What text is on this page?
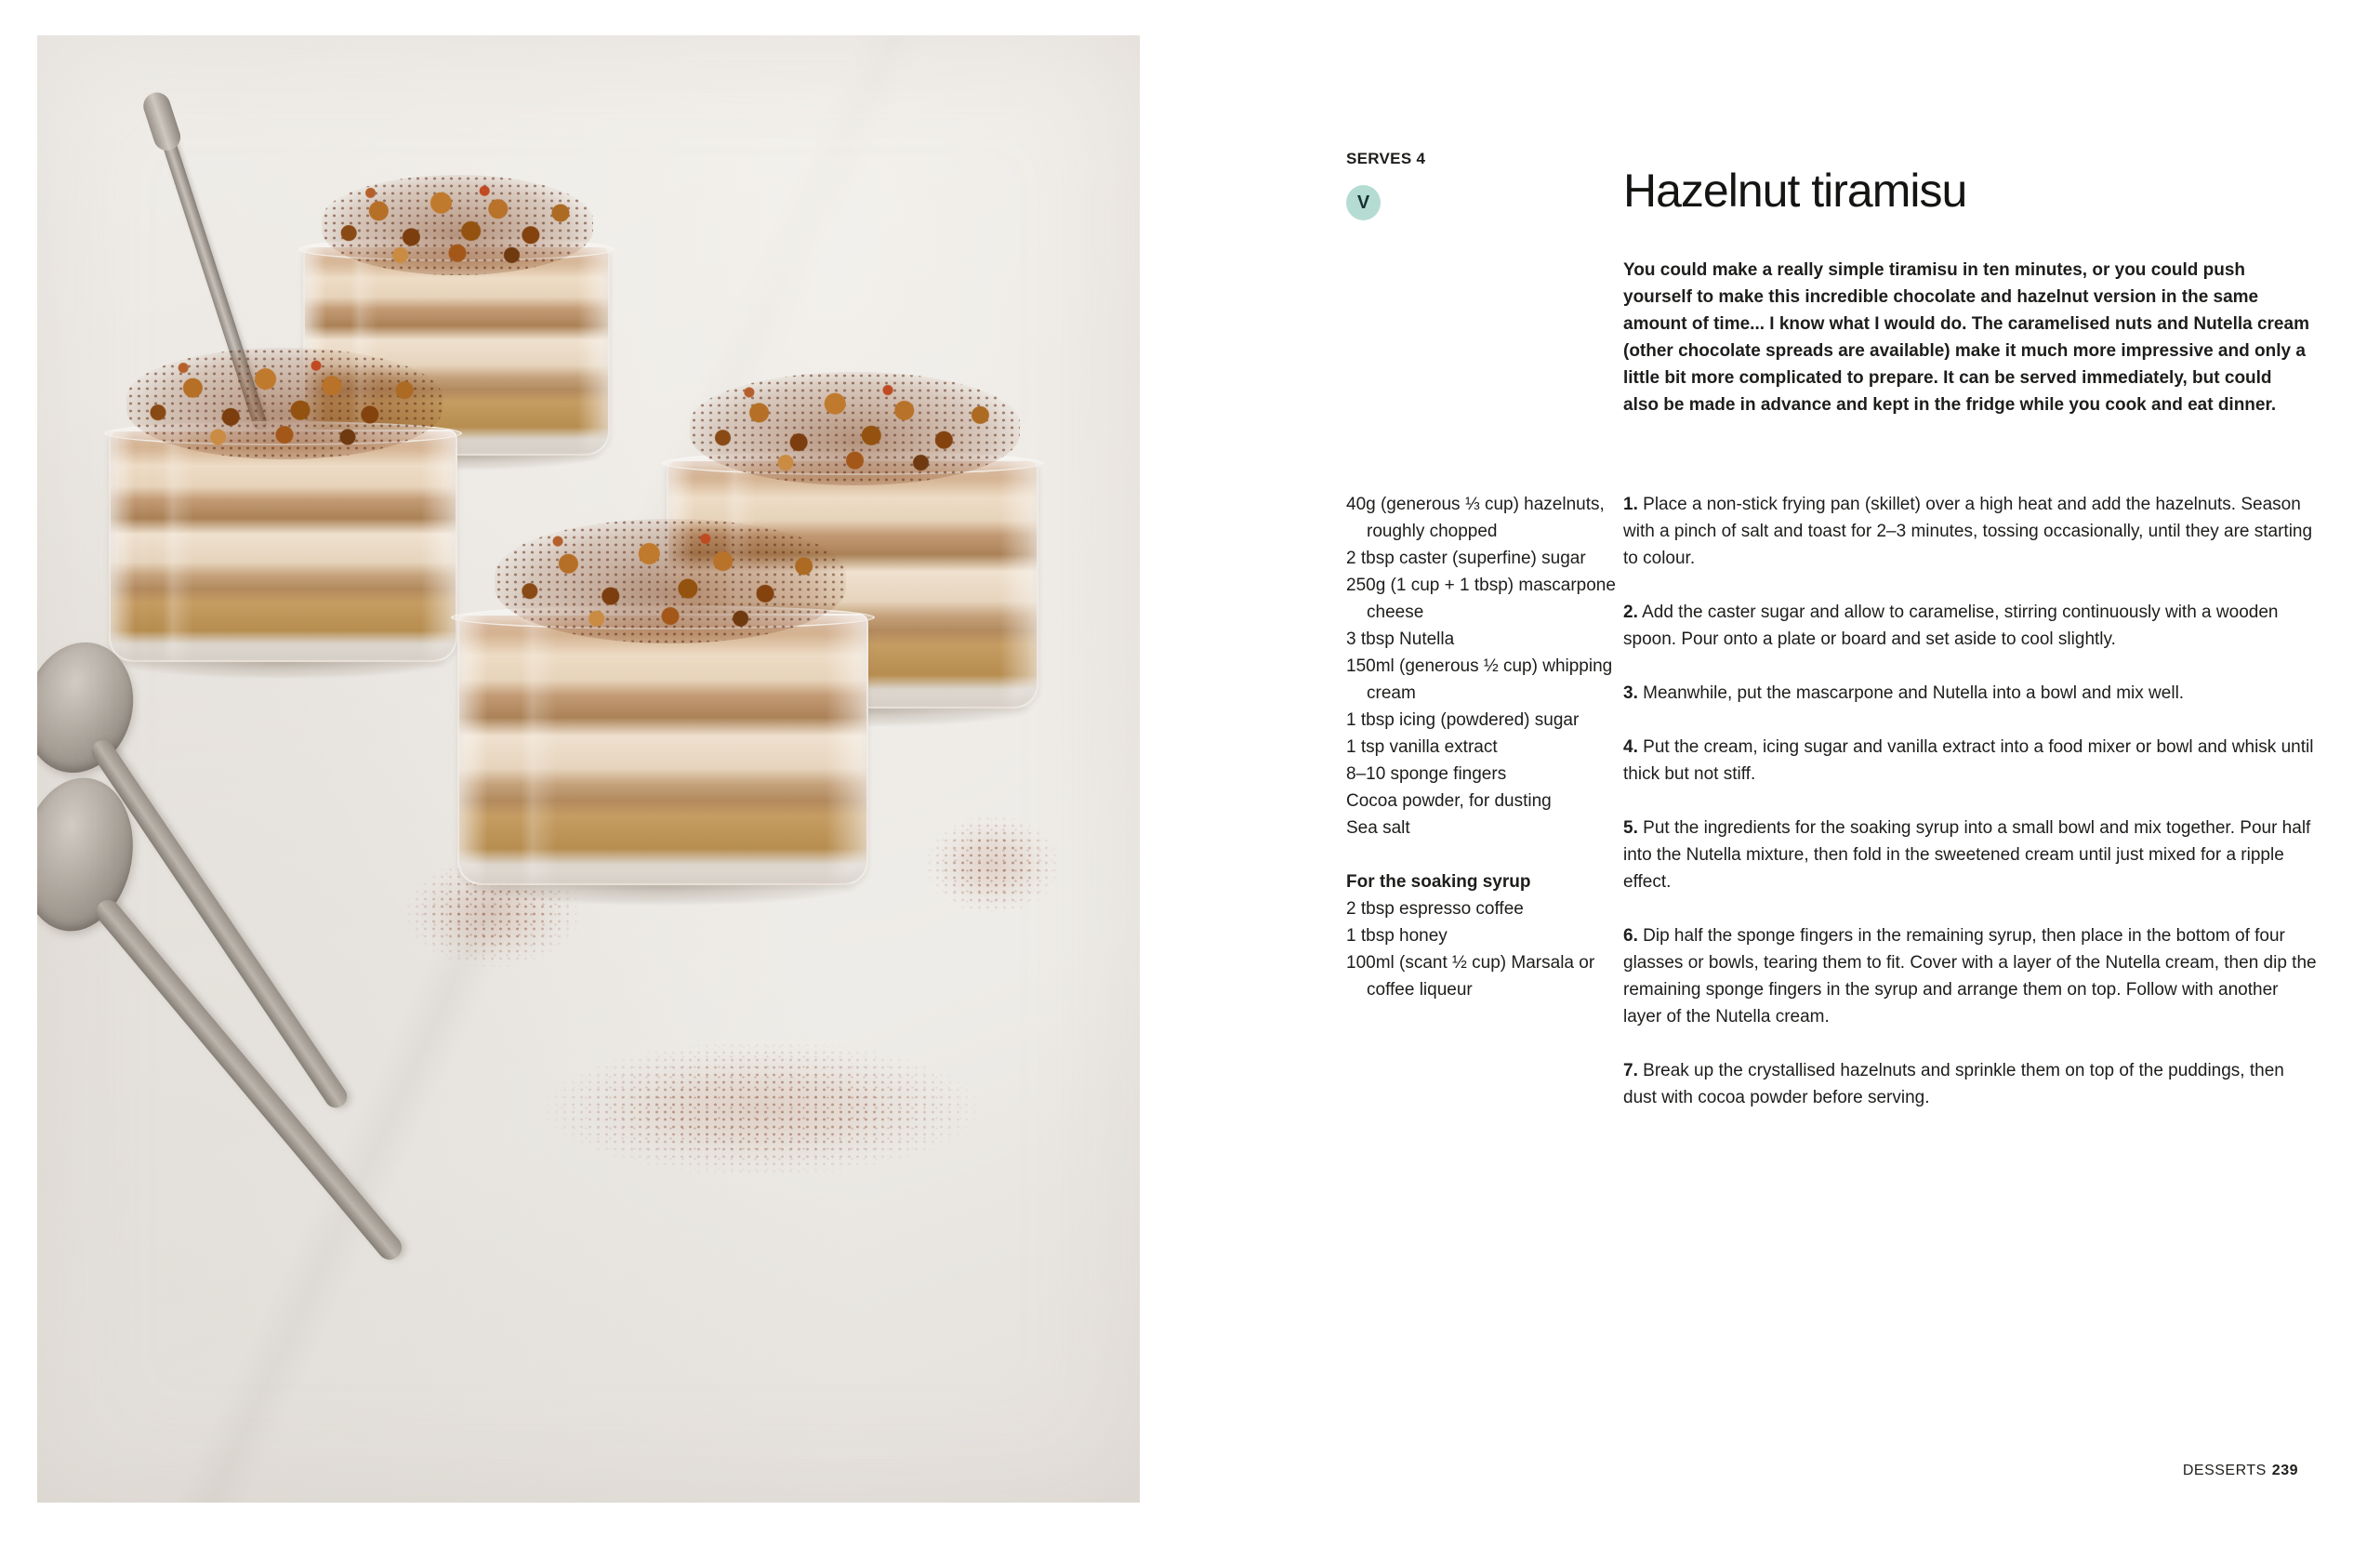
SERVES 4
V	Hazelnut tiramisu
You could make a really simple tiramisu in ten minutes, or you could push yourself to make this incredible chocolate and hazelnut version in the same amount of time... I know what I would do. The caramelised nuts and Nutella cream (other chocolate spreads are available) make it much more impressive and only a little bit more complicated to prepare. It can be served immediately, but could also be made in advance and kept in the fridge while you cook and eat dinner.
40g (generous ⅓ cup) hazelnuts, roughly chopped
2 tbsp caster (superfine) sugar
250g (1 cup + 1 tbsp) mascarpone cheese
3 tbsp Nutella
150ml (generous ½ cup) whipping cream
1 tbsp icing (powdered) sugar
1 tsp vanilla extract
8–10 sponge fingers
Cocoa powder, for dusting
Sea salt
For the soaking syrup
2 tbsp espresso coffee
1 tbsp honey
100ml (scant ½ cup) Marsala or coffee liqueur

1. Place a non-stick frying pan (skillet) over a high heat and add the hazelnuts. Season with a pinch of salt and toast for 2–3 minutes, tossing occasionally, until they are starting to colour.

2. Add the caster sugar and allow to caramelise, stirring continuously with a wooden spoon. Pour onto a plate or board and set aside to cool slightly.

3. Meanwhile, put the mascarpone and Nutella into a bowl and mix well.

4. Put the cream, icing sugar and vanilla extract into a food mixer or bowl and whisk until thick but not stiff.

5. Put the ingredients for the soaking syrup into a small bowl and mix together. Pour half into the Nutella mixture, then fold in the sweetened cream until just mixed for a ripple effect.

6. Dip half the sponge fingers in the remaining syrup, then place in the bottom of four glasses or bowls, tearing them to fit. Cover with a layer of the Nutella cream, then dip the remaining sponge fingers in the syrup and arrange them on top. Follow with another layer of the Nutella cream.

7. Break up the crystallised hazelnuts and sprinkle them on top of the puddings, then dust with cocoa powder before serving.

DESSERTS 239
